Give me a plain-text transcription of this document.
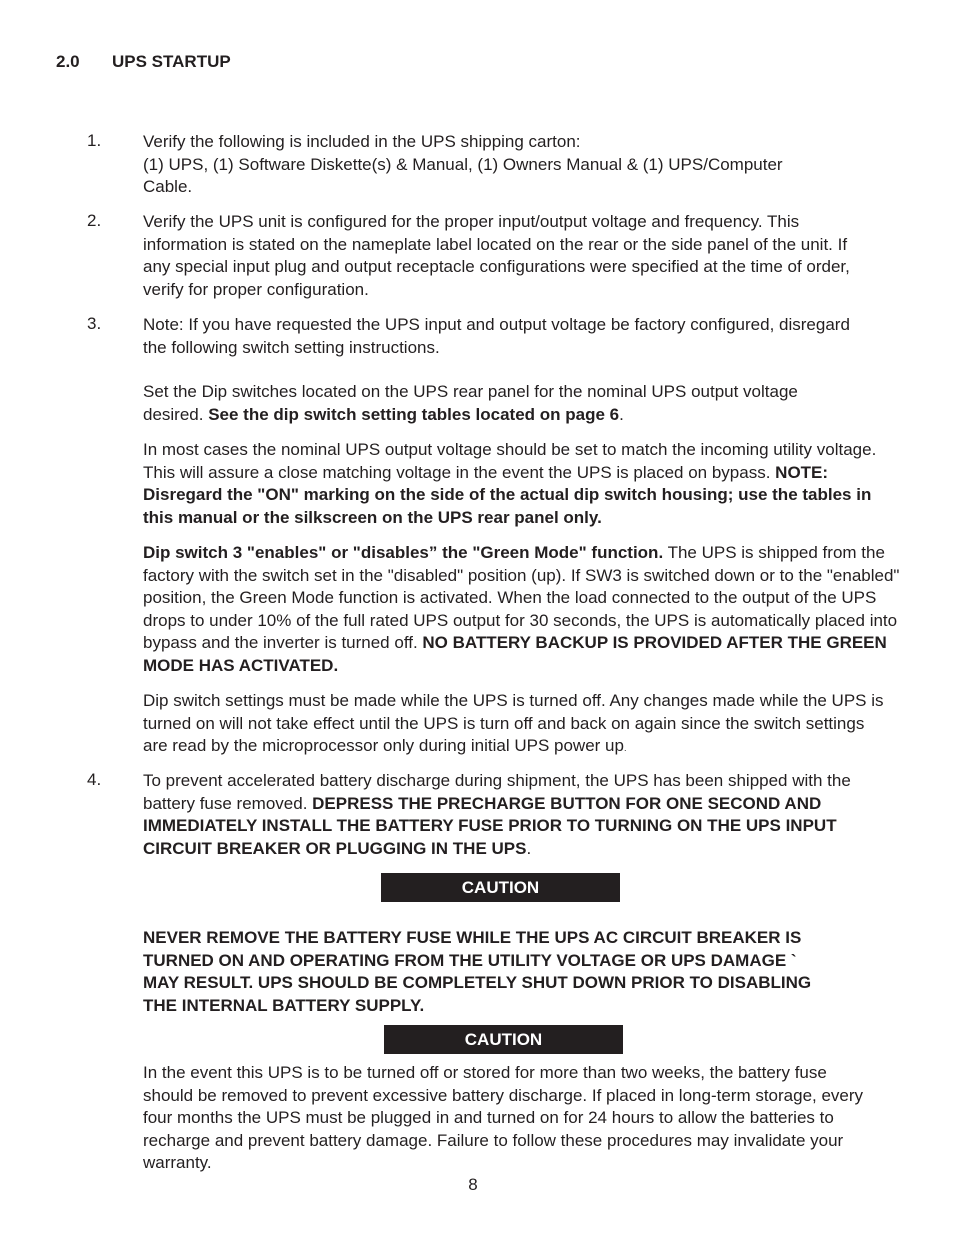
2.0 UPS STARTUP
1. Verify the following is included in the UPS shipping carton:
(1) UPS, (1) Software Diskette(s) & Manual, (1) Owners Manual & (1) UPS/Computer
Cable.
2. Verify the UPS unit is configured for the proper input/output voltage and frequency. This information is stated on the nameplate label located on the rear or the side panel of the unit. If any special input plug and output receptacle configurations were specified at the time of order, verify for proper configuration.
3. Note: If you have requested the UPS input and output voltage be factory configured, disregard the following switch setting instructions.
Set the Dip switches located on the UPS rear panel for the nominal UPS output voltage desired. See the dip switch setting tables located on page 6.
In most cases the nominal UPS output voltage should be set to match the incoming utility voltage. This will assure a close matching voltage in the event the UPS is placed on bypass. NOTE: Disregard the "ON" marking on the side of the actual dip switch housing; use the tables in this manual or the silkscreen on the UPS rear panel only.
Dip switch 3 "enables" or "disables” the "Green Mode" function. The UPS is shipped from the factory with the switch set in the "disabled" position (up). If SW3 is switched down or to the "enabled" position, the Green Mode function is activated. When the load connected to the output of the UPS drops to under 10% of the full rated UPS output for 30 seconds, the UPS is automatically placed into bypass and the inverter is turned off. NO BATTERY BACKUP IS PROVIDED AFTER THE GREEN MODE HAS ACTIVATED.
Dip switch settings must be made while the UPS is turned off. Any changes made while the UPS is turned on will not take effect until the UPS is turn off and back on again since the switch settings are read by the microprocessor only during initial UPS power up.
4. To prevent accelerated battery discharge during shipment, the UPS has been shipped with the battery fuse removed. DEPRESS THE PRECHARGE BUTTON FOR ONE SECOND AND IMMEDIATELY INSTALL THE BATTERY FUSE PRIOR TO TURNING ON THE UPS INPUT CIRCUIT BREAKER OR PLUGGING IN THE UPS.
CAUTION
NEVER REMOVE THE BATTERY FUSE WHILE THE UPS AC CIRCUIT BREAKER IS
TURNED ON AND OPERATING FROM THE UTILITY VOLTAGE OR UPS DAMAGE `
MAY RESULT. UPS SHOULD BE COMPLETELY SHUT DOWN PRIOR TO DISABLING
THE INTERNAL BATTERY SUPPLY.
CAUTION
In the event this UPS is to be turned off or stored for more than two weeks, the battery fuse should be removed to prevent excessive battery discharge. If placed in long-term storage, every four months the UPS must be plugged in and turned on for 24 hours to allow the batteries to recharge and prevent battery damage. Failure to follow these procedures may invalidate your warranty.
8
